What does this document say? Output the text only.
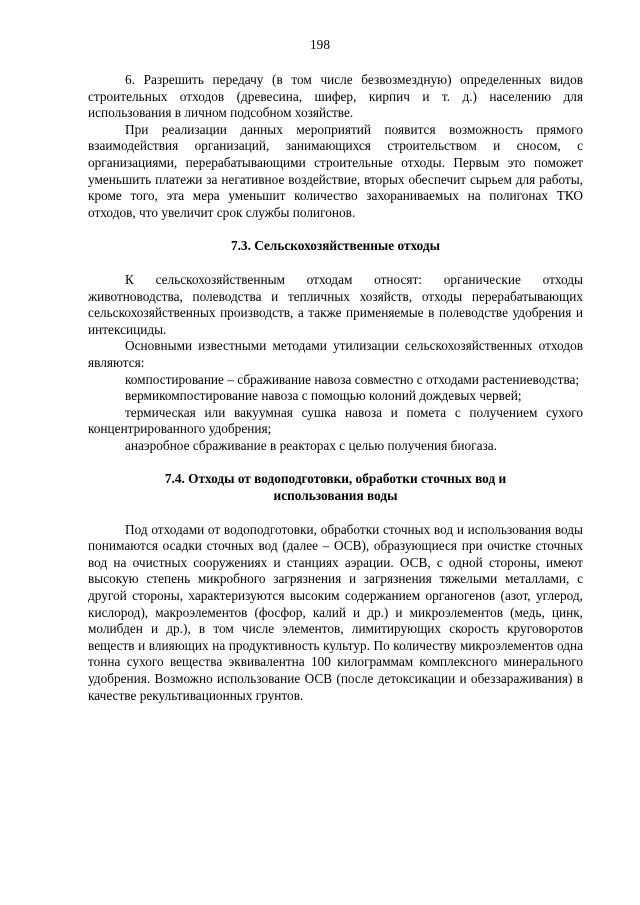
198

6. Разрешить передачу (в том числе безвозмездную) определенных видов строительных отходов (древесина, шифер, кирпич и т. д.) населению для использования в личном подсобном хозяйстве.

При реализации данных мероприятий появится возможность прямого взаимодействия организаций, занимающихся строительством и сносом, с организациями, перерабатывающими строительные отходы. Первым это поможет уменьшить платежи за негативное воздействие, вторых обеспечит сырьем для работы, кроме того, эта мера уменьшит количество захораниваемых на полигонах ТКО отходов, что увеличит срок службы полигонов.

7.3. Сельскохозяйственные отходы

К сельскохозяйственным отходам относят: органические отходы животноводства, полеводства и тепличных хозяйств, отходы перерабатывающих сельскохозяйственных производств, а также применяемые в полеводстве удобрения и интексициды.

Основными известными методами утилизации сельскохозяйственных отходов являются:

компостирование – сбраживание навоза совместно с отходами растениеводства;

вермикомпостирование навоза с помощью колоний дождевых червей;

термическая или вакуумная сушка навоза и помета с получением сухого концентрированного удобрения;

анаэробное сбраживание в реакторах с целью получения биогаза.

7.4. Отходы от водоподготовки, обработки сточных вод и
использования воды

Под отходами от водоподготовки, обработки сточных вод и использования воды понимаются осадки сточных вод (далее – ОСВ), образующиеся при очистке сточных вод на очистных сооружениях и станциях аэрации. ОСВ, с одной стороны, имеют высокую степень микробного загрязнения и загрязнения тяжелыми металлами, с другой стороны, характеризуются высоким содержанием органогенов (азот, углерод, кислород), макроэлементов (фосфор, калий и др.) и микроэлементов (медь, цинк, молибден и др.), в том числе элементов, лимитирующих скорость круговоротов веществ и влияющих на продуктивность культур. По количеству микроэлементов одна тонна сухого вещества эквивалентна 100 килограммам комплексного минерального удобрения. Возможно использование ОСВ (после детоксикации и обеззараживания) в качестве рекультивационных грунтов.
